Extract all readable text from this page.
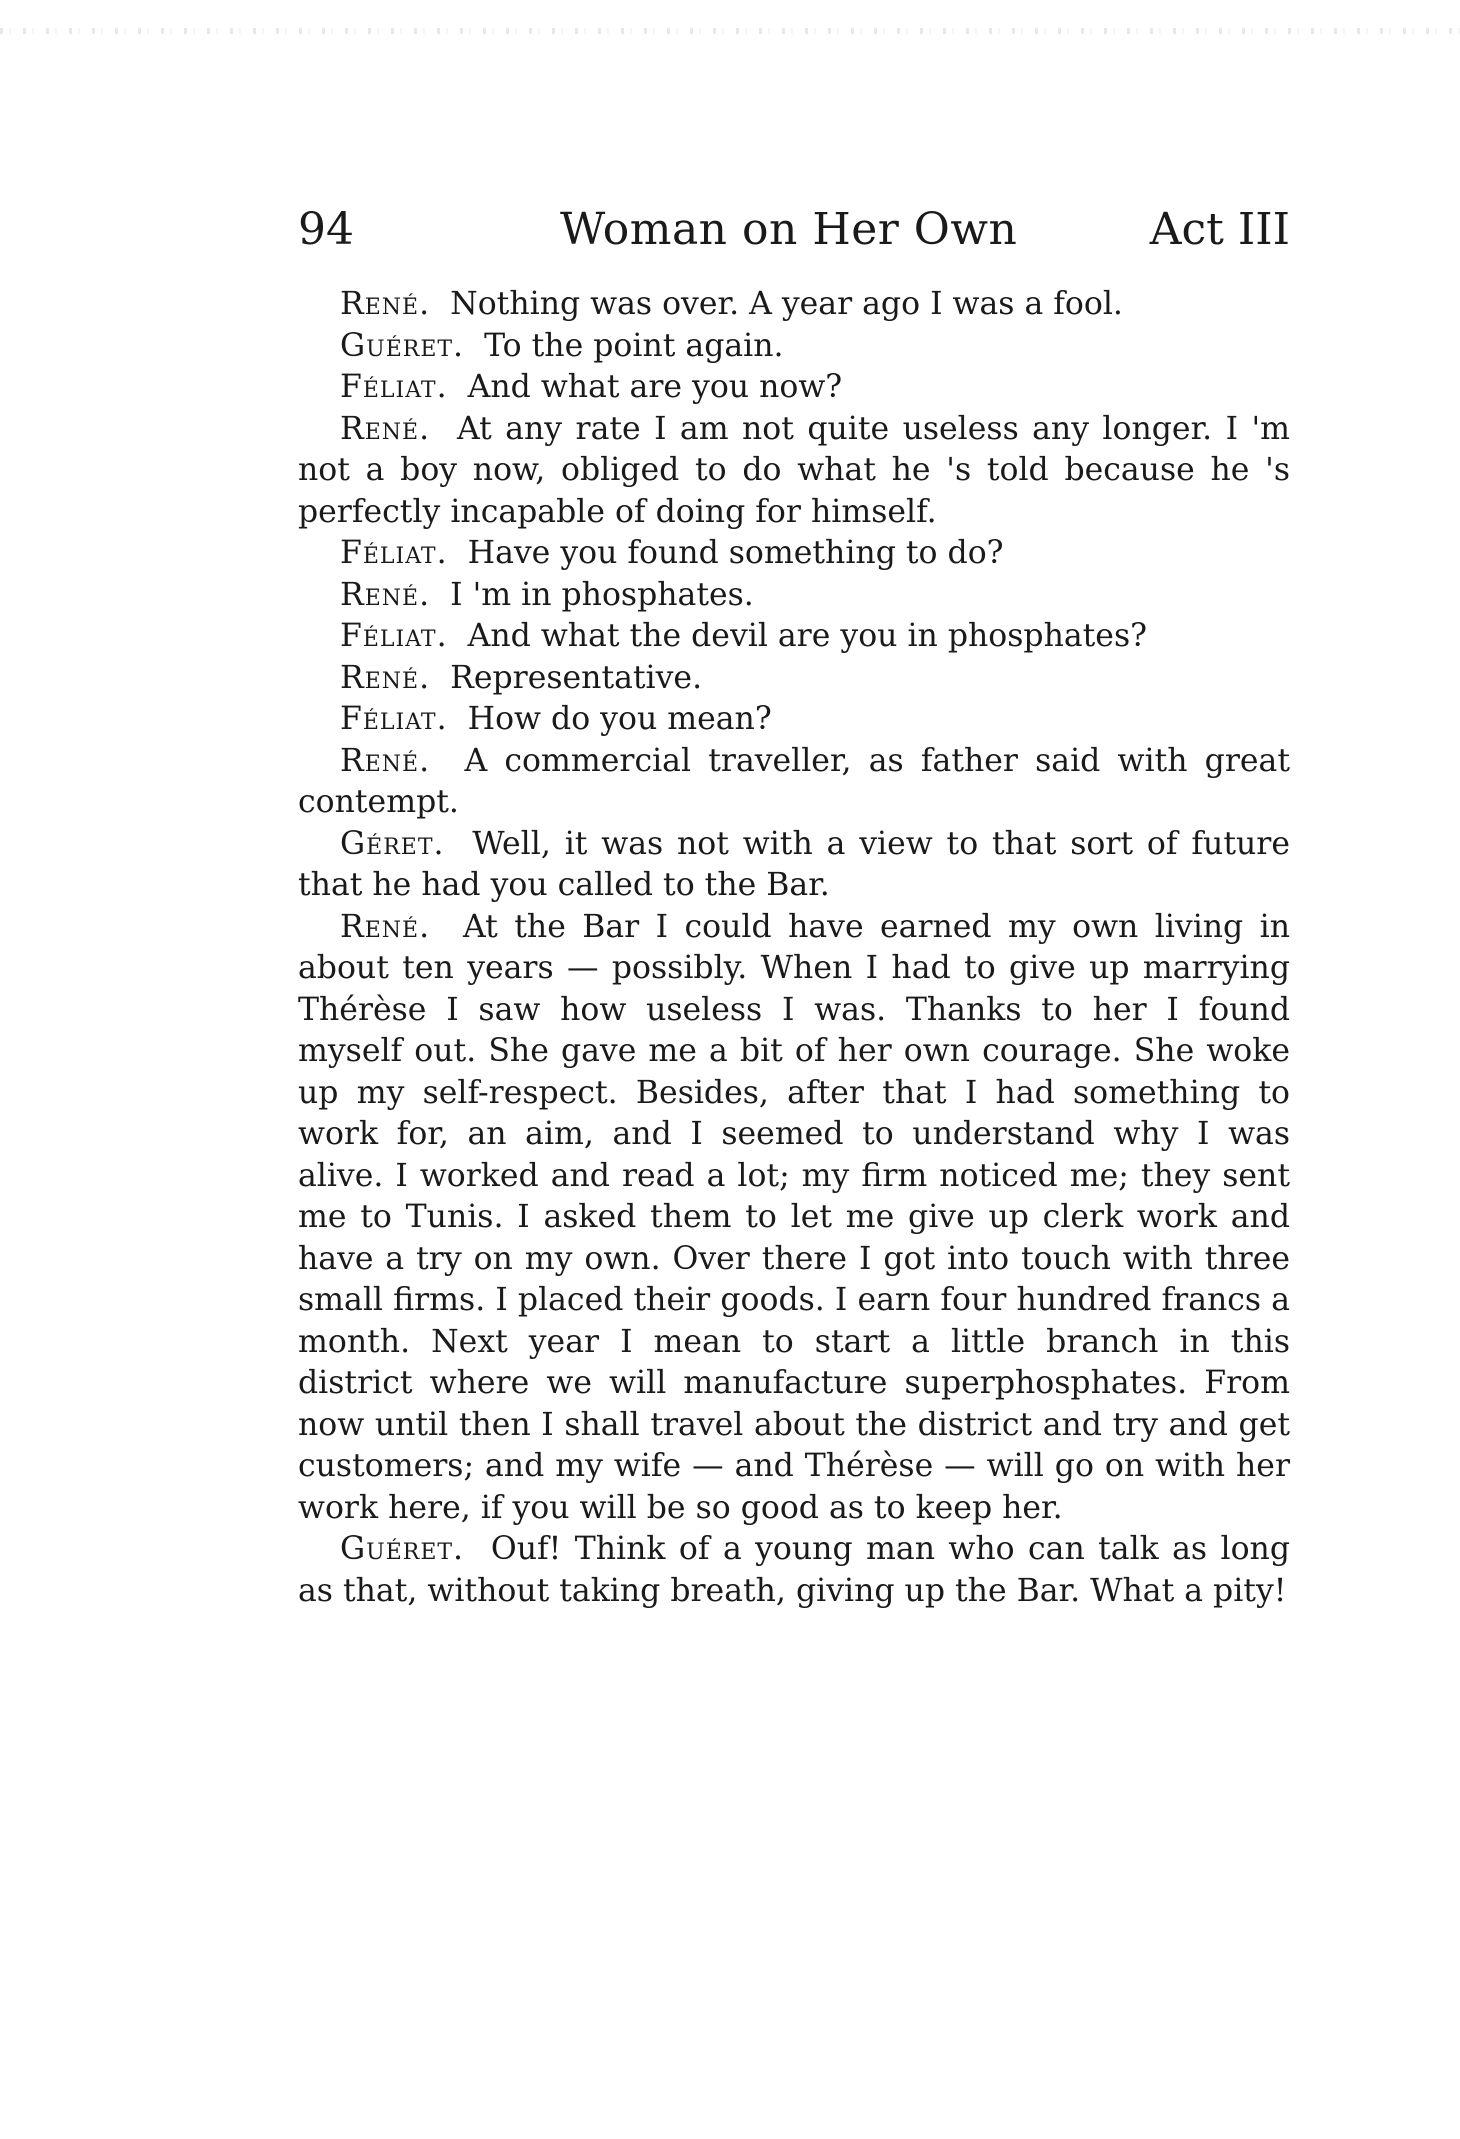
94	Woman on Her Own	Act III

René. Nothing was over. A year ago I was a fool.

Guéret. To the point again.

Féliat. And what are you now?

René. At any rate I am not quite useless any longer. I 'm not a boy now, obliged to do what he 's told because he 's perfectly incapable of doing for himself.

Féliat. Have you found something to do?

René. I 'm in phosphates.

Féliat. And what the devil are you in phosphates?

René. Representative.

Féliat. How do you mean?

René. A commercial traveller, as father said with great contempt.

Géret. Well, it was not with a view to that sort of future that he had you called to the Bar.

René. At the Bar I could have earned my own living in about ten years — possibly. When I had to give up marrying Thérèse I saw how useless I was. Thanks to her I found myself out. She gave me a bit of her own courage. She woke up my self-respect. Besides, after that I had something to work for, an aim, and I seemed to understand why I was alive. I worked and read a lot; my firm noticed me; they sent me to Tunis. I asked them to let me give up clerk work and have a try on my own. Over there I got into touch with three small firms. I placed their goods. I earn four hundred francs a month. Next year I mean to start a little branch in this district where we will manufacture superphosphates. From now until then I shall travel about the district and try and get customers; and my wife — and Thérèse — will go on with her work here, if you will be so good as to keep her.

Guéret. Ouf! Think of a young man who can talk as long as that, without taking breath, giving up the Bar. What a pity!
